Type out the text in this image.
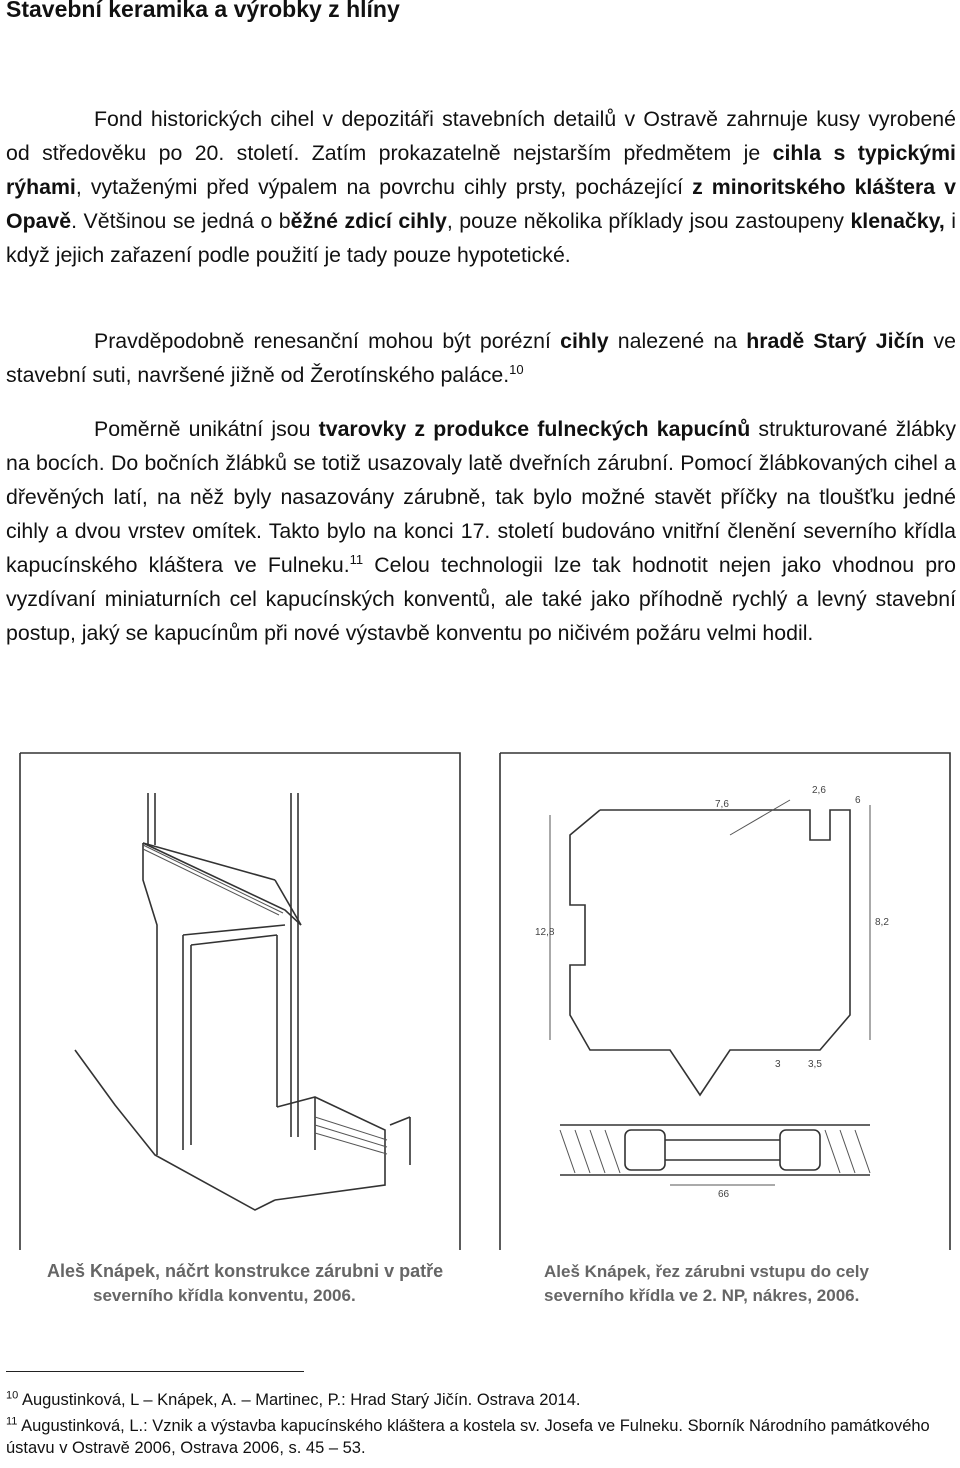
Stavební keramika a výrobky z hlíny

Fond historických cihel v depozitáři stavebních detailů v Ostravě zahrnuje kusy vyrobené od středověku po 20. století. Zatím prokazatelně nejstarším předmětem je cihla s typickými rýhami, vytaženými před výpalem na povrchu cihly prsty, pocházející z minoritského kláštera v Opavě. Většinou se jedná o běžné zdicí cihly, pouze několika příklady jsou zastoupeny klenačky, i když jejich zařazení podle použití je tady pouze hypotetické.

Pravděpodobně renesanční mohou být porézní cihly nalezené na hradě Starý Jičín ve stavební suti, navršené jižně od Žerotínského paláce.$^{10}$

Poměrně unikátní jsou tvarovky z produkce fulneckých kapucínů strukturované žlábky na bocích. Do bočních žlábků se totiž usazovaly latě dveřních zárubní. Pomocí žlábkovaných cihel a dřevěných latí, na něž byly nasazovány zárubně, tak bylo možné stavět příčky na tloušťku jedné cihly a dvou vrstev omítek. Takto bylo na konci 17. století budováno vnitřní členění severního křídla kapucínského kláštera ve Fulneku.$^{11}$ Celou technologii lze tak hodnotit nejen jako vhodnou pro vyzdívaní miniaturních cel kapucínských konventů, ale také jako příhodně rychlý a levný stavební postup, jaký se kapucínům při nové výstavbě konventu po ničivém požáru velmi hodil.

Aleš Knápek, náčrt konstrukce zárubni v patře
severního křídla konventu, 2006.
7,6
2,6
6
12,8
8,2
3	3,5
66
Aleš Knápek, řez zárubni vstupu do cely
severního křídla ve 2. NP, nákres, 2006.
$^{10}$ Augustinková, L – Knápek, A. – Martinec, P.: Hrad Starý Jičín. Ostrava 2014.
$^{11}$ Augustinková, L.: Vznik a výstavba kapucínského kláštera a kostela sv. Josefa ve Fulneku. Sborník Národního památkového ústavu v Ostravě 2006, Ostrava 2006, s. 45 – 53.
